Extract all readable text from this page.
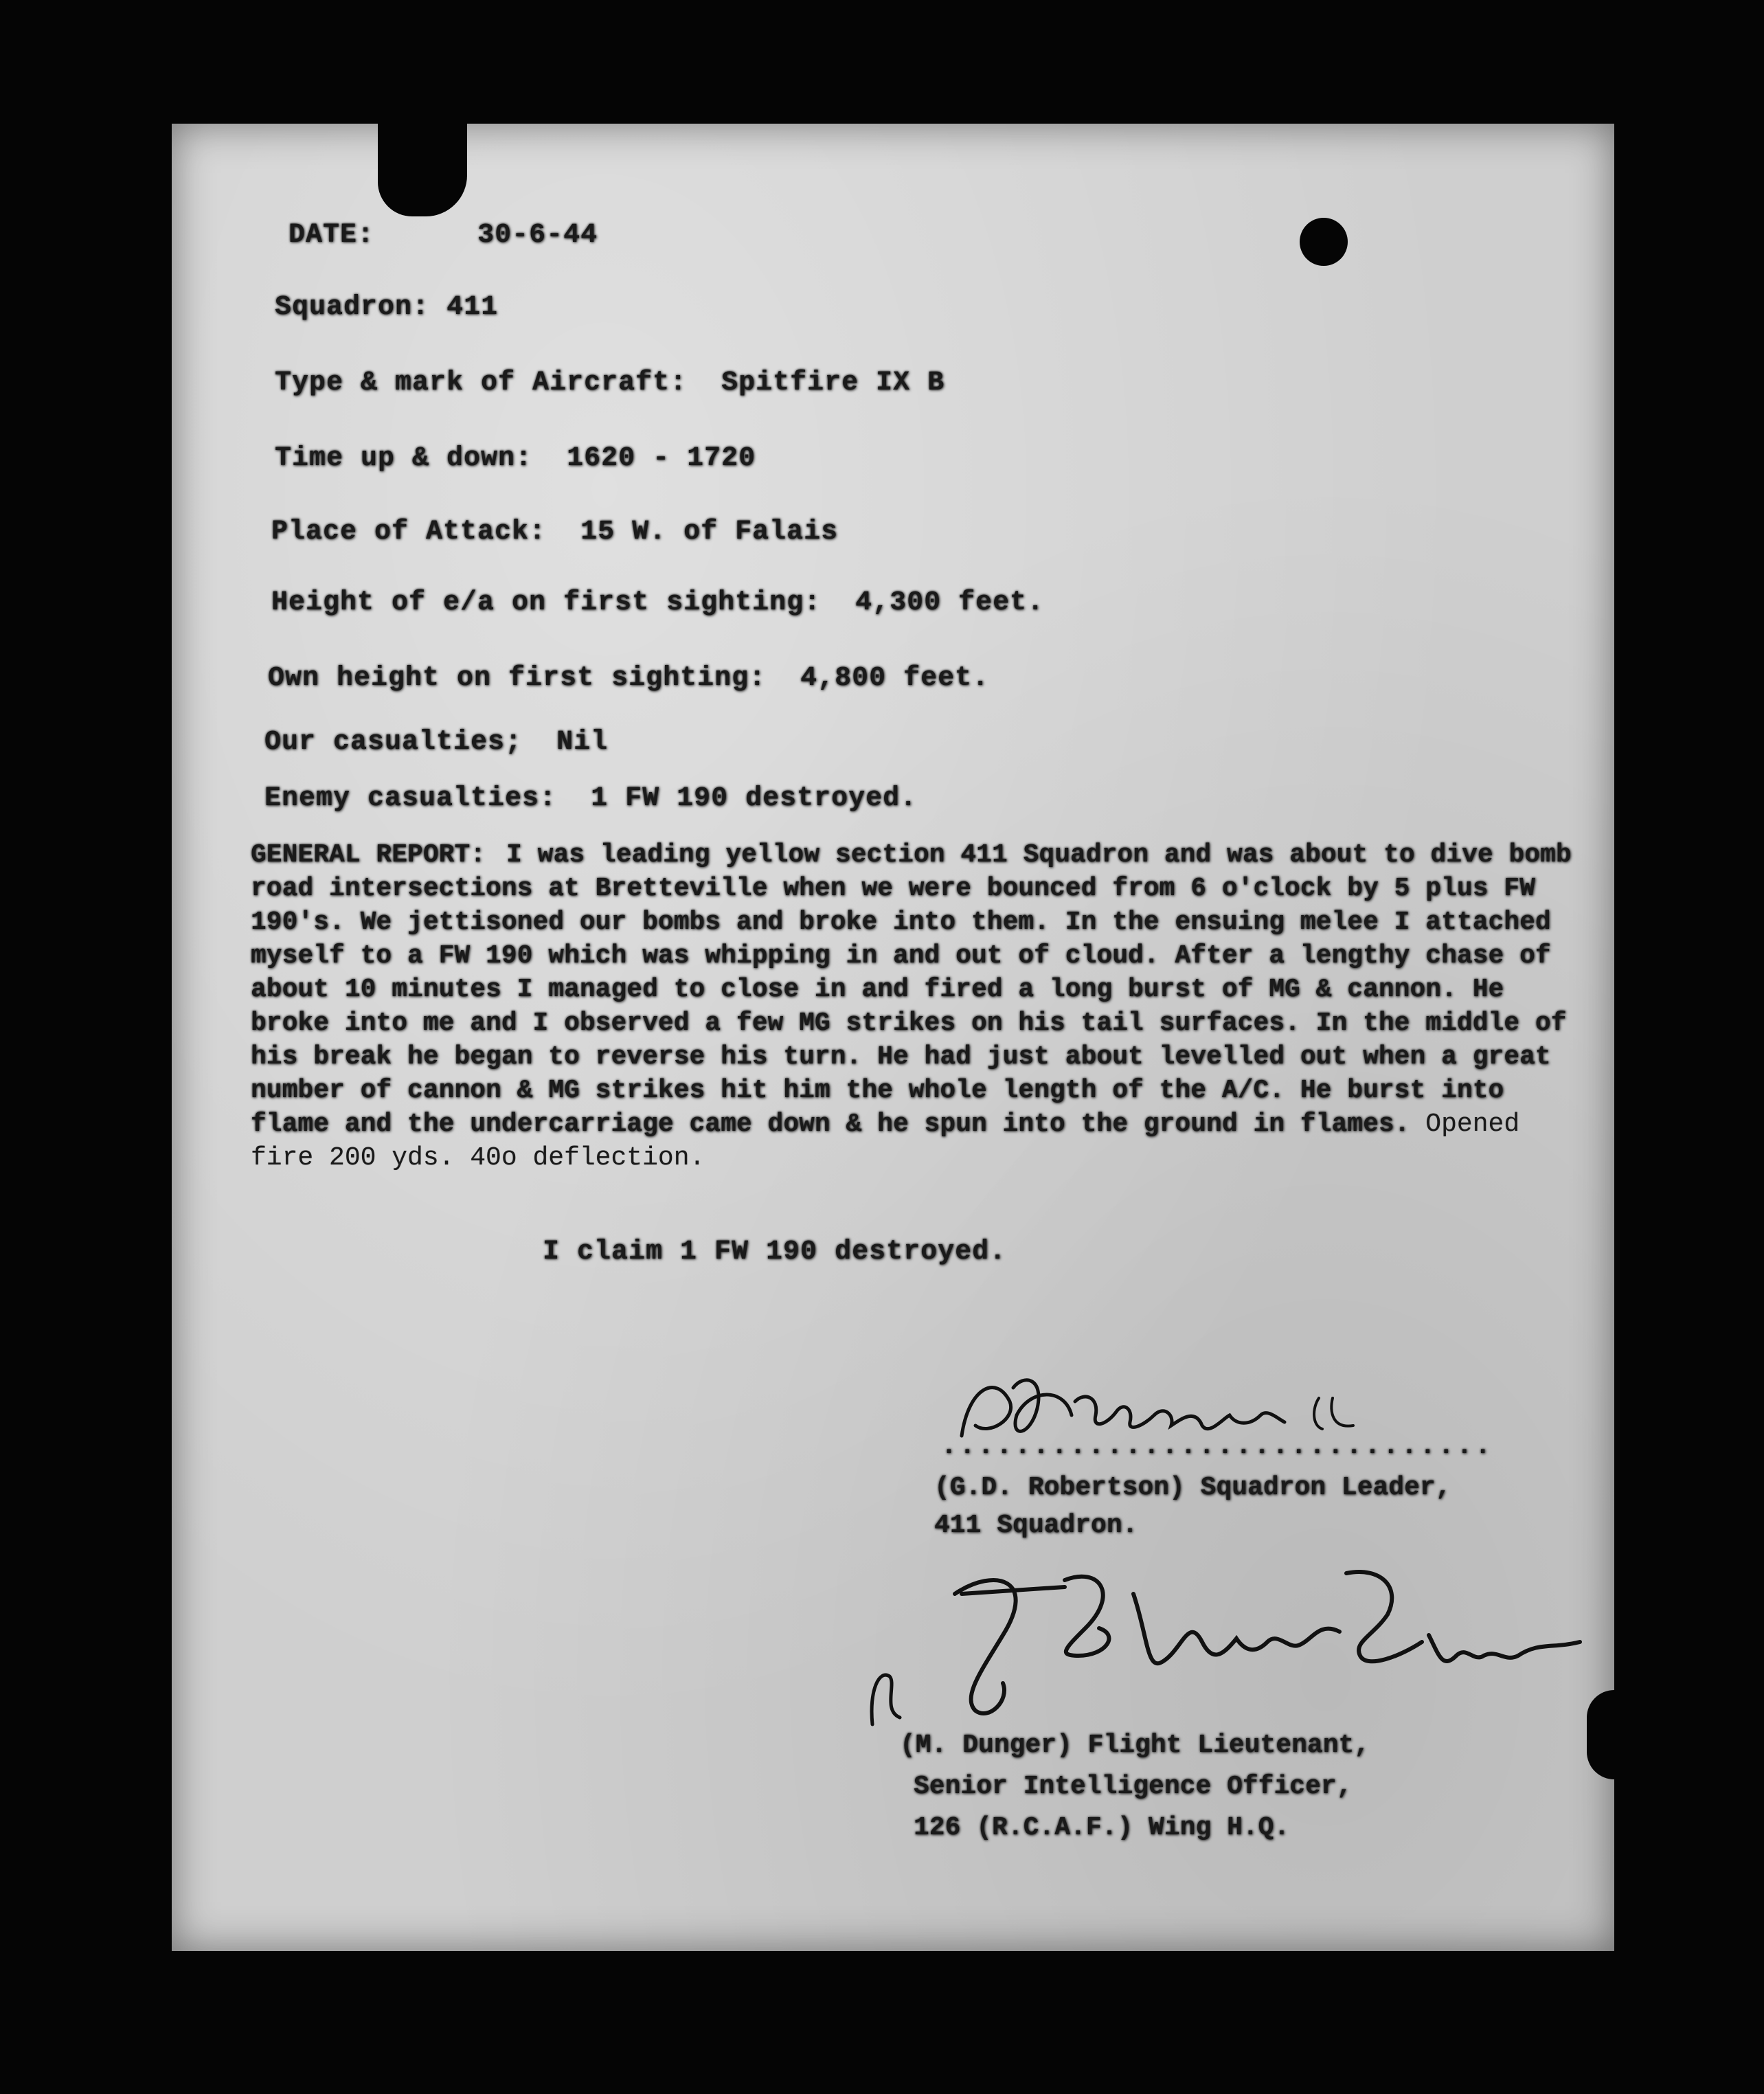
DATE:	30-6-44
Squadron: 411
Type & mark of Aircraft: Spitfire IX B
Time up & down: 1620 - 1720
Place of Attack: 15 W. of Falais
Height of e/a on first sighting: 4,300 feet.
Own height on first sighting: 4,800 feet.
Our casualties; Nil
Enemy casualties: 1 FW 190 destroyed.
GENERAL REPORT: I was leading yellow section 411 Squadron and was about to dive bomb road intersections at Bretteville when we were bounced from 6 o'clock by 5 plus FW 190's. We jettisoned our bombs and broke into them. In the ensuing melee I attached myself to a FW 190 which was whipping in and out of cloud. After a lengthy chase of about 10 minutes I managed to close in and fired a long burst of MG & cannon. He broke into me and I observed a few MG strikes on his tail surfaces. In the middle of his break he began to reverse his turn. He had just about levelled out when a great number of cannon & MG strikes hit him the whole length of the A/C. He burst into flame and the undercarriage came down & he spun into the ground in flames. Opened fire 200 yds. 40o deflection.
I claim 1 FW 190 destroyed.
..............................
(G.D. Robertson) Squadron Leader,
411 Squadron.
(M. Dunger) Flight Lieutenant,
Senior Intelligence Officer,
126 (R.C.A.F.) Wing H.Q.
